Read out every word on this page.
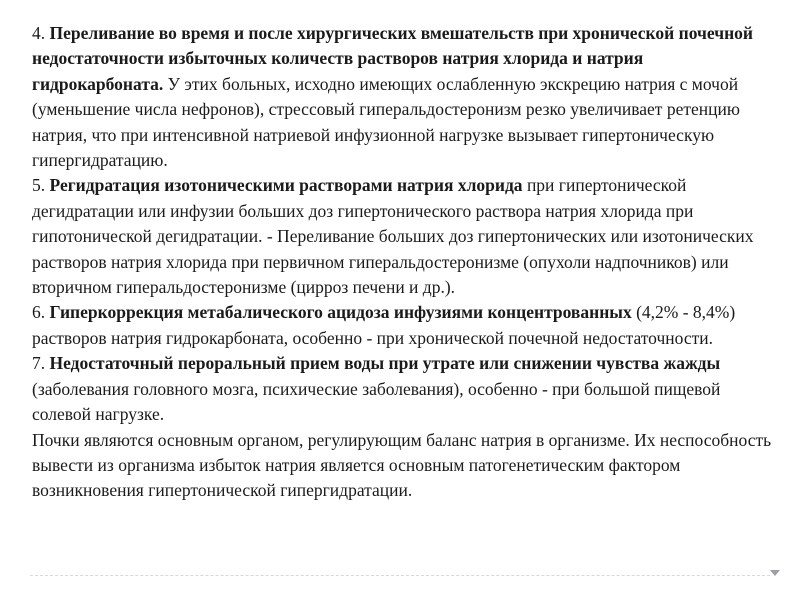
4. Переливание во время и после хирургических вмешательств при хронической почечной недостаточности избыточных количеств растворов натрия хлорида и натрия гидрокарбоната. У этих больных, исходно имеющих ослабленную экскрецию натрия с мочой (уменьшение числа нефронов), стрессовый гиперальдостеронизм резко увеличивает ретенцию натрия, что при интенсивной натриевой инфузионной нагрузке вызывает гипертоническую гипергидратацию.

5. Регидратация изотоническими растворами натрия хлорида при гипертонической дегидратации или инфузии больших доз гипертонического раствора натрия хлорида при гипотонической дегидратации. - Переливание больших доз гипертонических или изотонических растворов натрия хлорида при первичном гиперальдостеронизме (опухоли надпочников) или вторичном гиперальдостеронизме (цирроз печени и др.).

6. Гиперкоррекция метабалического ацидоза инфузиями концентрованных (4,2% - 8,4%) растворов натрия гидрокарбоната, особенно - при хронической почечной недостаточности.

7. Недостаточный пероральный прием воды при утрате или снижении чувства жажды (заболевания головного мозга, психические заболевания), особенно - при большой пищевой солевой нагрузке.

Почки являются основным органом, регулирующим баланс натрия в организме. Их неспособность вывести из организма избыток натрия является основным патогенетическим фактором возникновения гипертонической гипергидратации.
